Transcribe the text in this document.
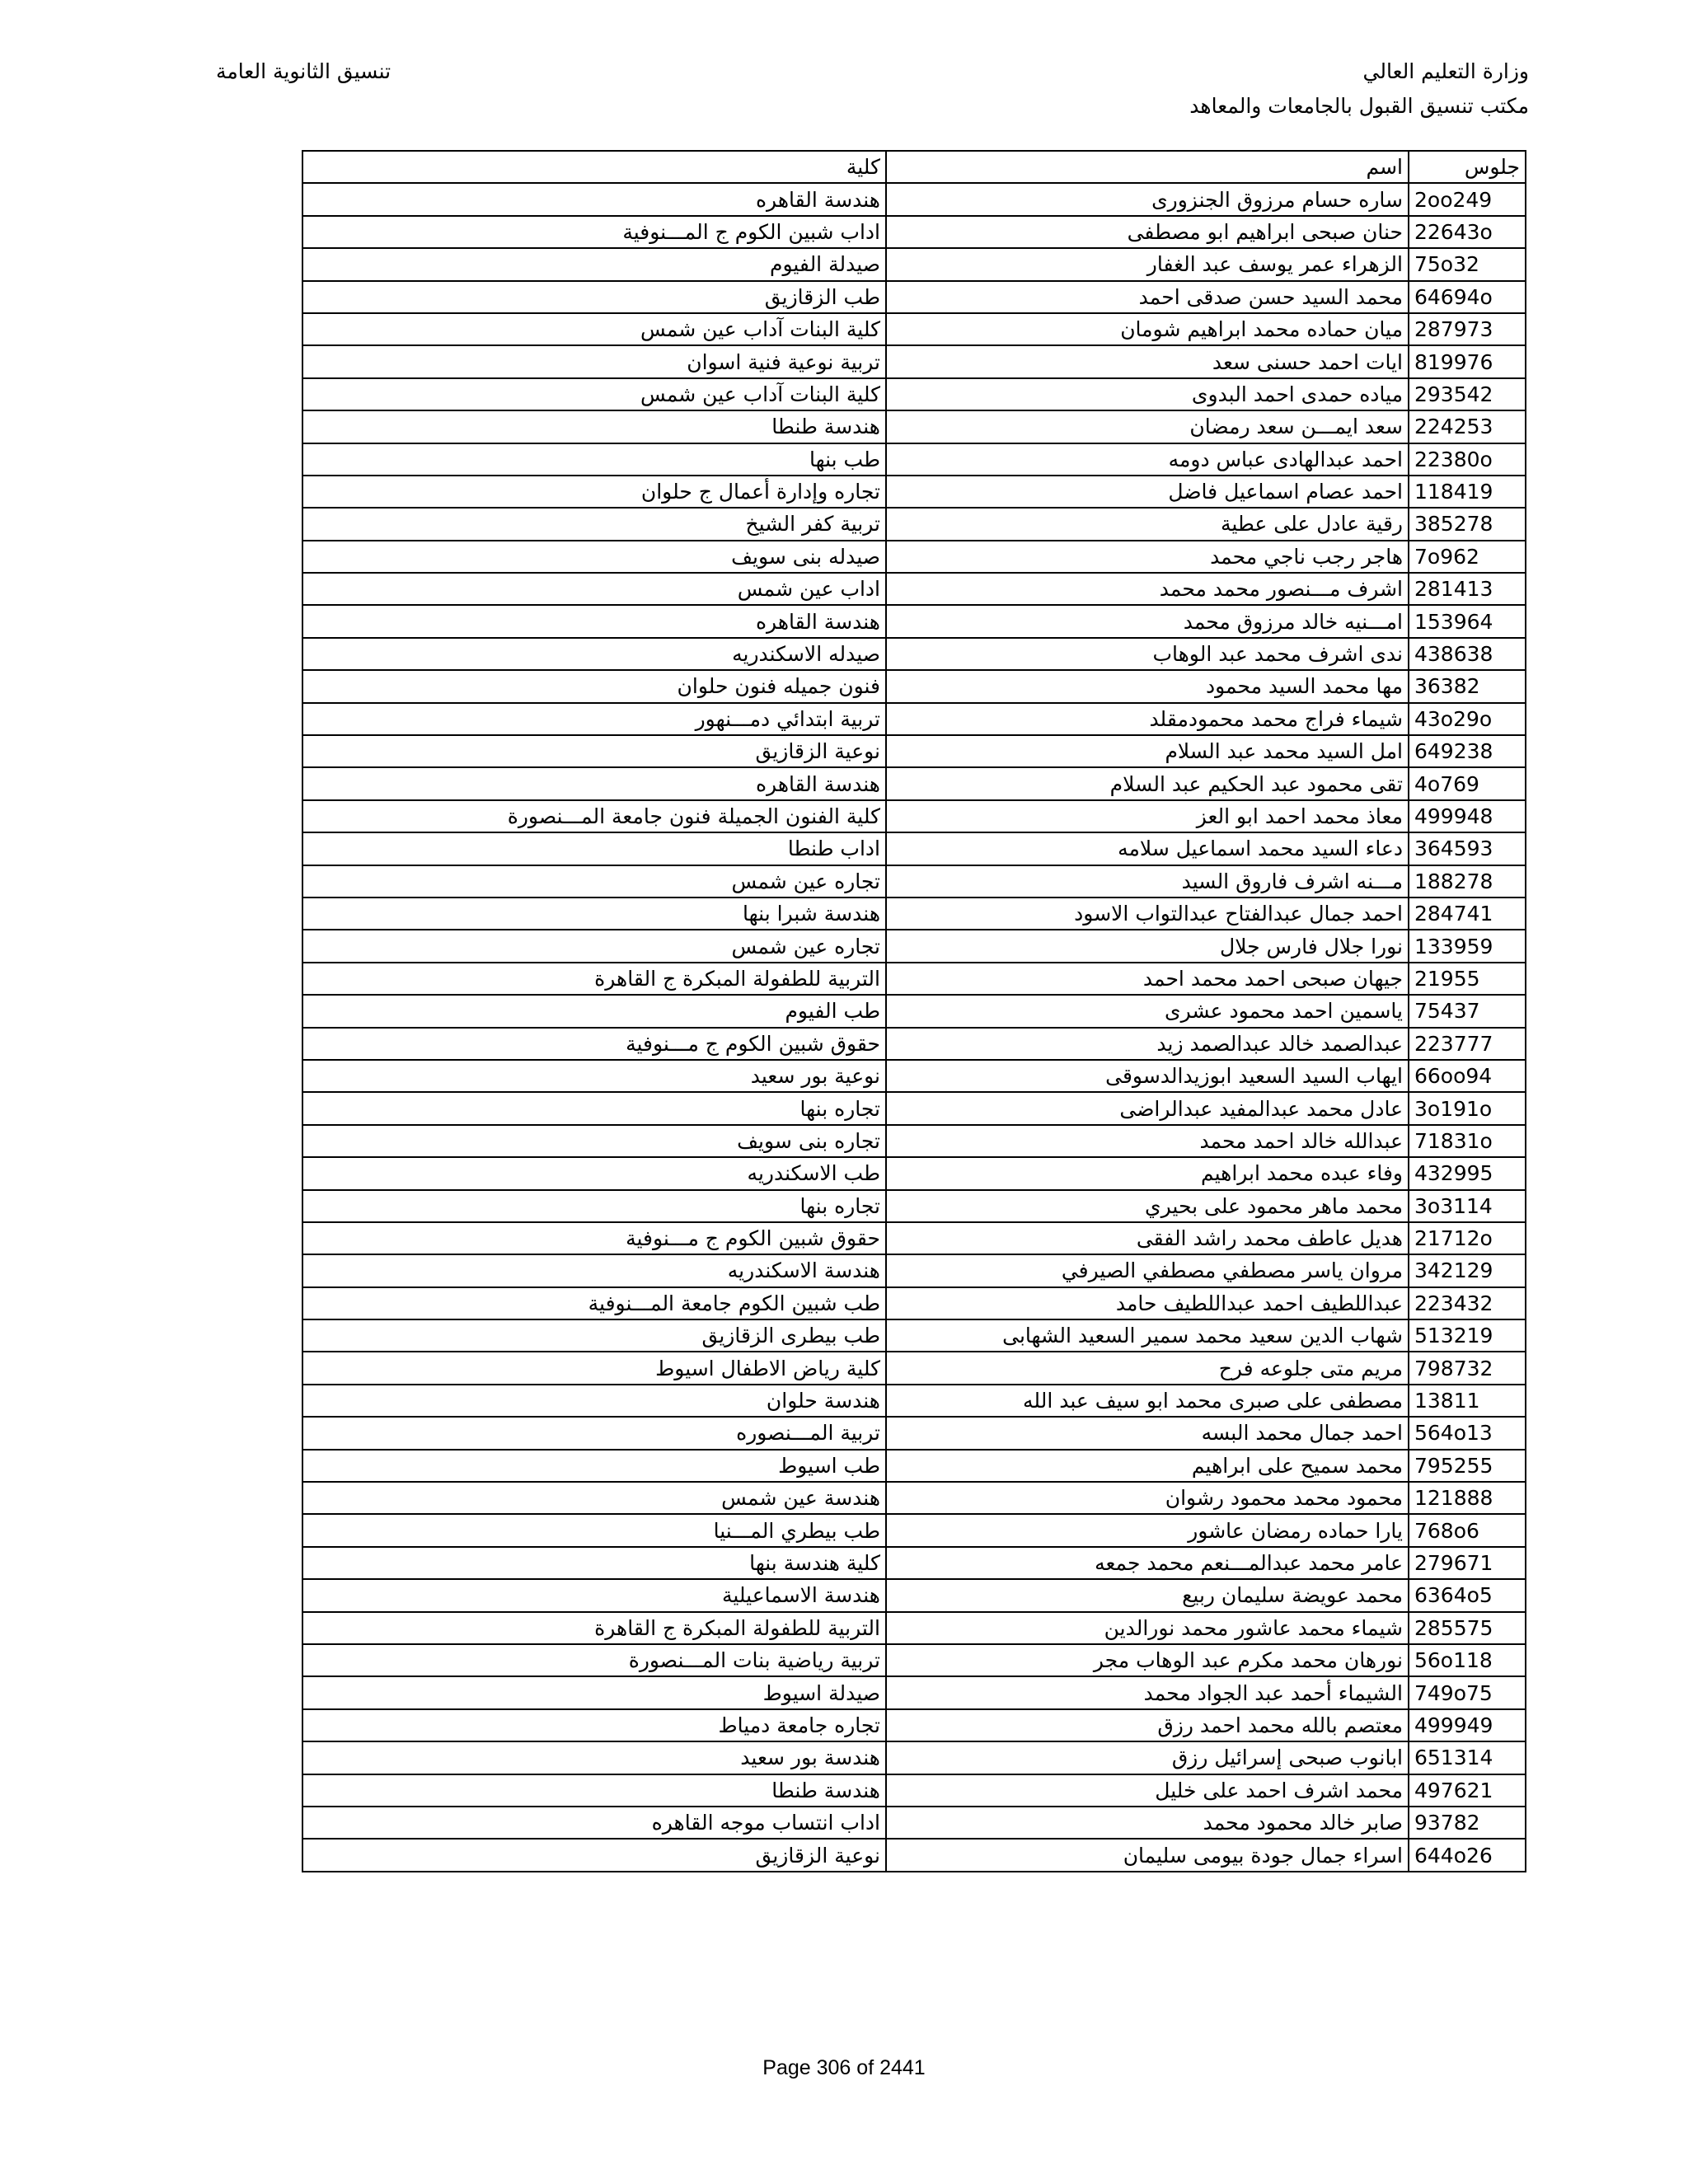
وزارة التعليم العالي
مكتب تنسيق القبول بالجامعات والمعاهد
تنسيق الثانوية العامة
جلوس	اسم	كلية
2oo249	ساره حسام مرزوق الجنزورى	هندسة القاهره
22643o	حنان صبحى ابراهيم ابو مصطفى	اداب شبين الكوم ج المـــنوفية
75o32	الزهراء عمر يوسف عبد الغفار	صيدلة الفيوم
64694o	محمد السيد حسن صدقى احمد	طب الزقازيق
287973	ميان حماده محمد ابراهيم شومان	كلية البنات آداب عين شمس
819976	ايات احمد حسنى سعد	تربية نوعية فنية اسوان
293542	مياده حمدى احمد البدوى	كلية البنات آداب عين شمس
224253	سعد ايمـــن سعد رمضان	هندسة طنطا
22380o	احمد عبدالهادى عباس دومه	طب بنها
118419	احمد عصام اسماعيل فاضل	تجاره وإدارة أعمال ج حلوان
385278	رقية عادل على عطية	تربية كفر الشيخ
7o962	هاجر رجب ناجي محمد	صيدله بنى سويف
281413	اشرف مـــنصور محمد محمد	اداب عين شمس
153964	امـــنيه خالد مرزوق محمد	هندسة القاهره
438638	ندى اشرف محمد عبد الوهاب	صيدله الاسكندريه
36382	مها محمد السيد محمود	فنون جميله فنون حلوان
43o29o	شيماء فراج محمد محمودمقلد	تربية ابتدائي دمـــنهور
649238	امل السيد محمد عبد السلام	نوعية الزقازيق
4o769	تقى محمود عبد الحكيم عبد السلام	هندسة القاهره
499948	معاذ محمد احمد ابو العز	كلية الفنون الجميلة فنون جامعة المـــنصورة
364593	دعاء السيد محمد اسماعيل سلامه	اداب طنطا
188278	مـــنه اشرف فاروق السيد	تجاره عين شمس
284741	احمد جمال عبدالفتاح عبدالتواب الاسود	هندسة شبرا بنها
133959	نورا جلال فارس جلال	تجاره عين شمس
21955	جيهان صبحى احمد محمد احمد	التربية للطفولة المبكرة ج القاهرة
75437	ياسمين احمد محمود عشرى	طب الفيوم
223777	عبدالصمد خالد عبدالصمد زيد	حقوق شبين الكوم ج مـــنوفية
66oo94	ايهاب السيد السعيد ابوزيدالدسوقى	نوعية بور سعيد
3o191o	عادل محمد عبدالمفيد عبدالراضى	تجاره بنها
71831o	عبدالله خالد احمد محمد	تجاره بنى سويف
432995	وفاء عبده محمد ابراهيم	طب الاسكندريه
3o3114	محمد ماهر محمود على بحيري	تجاره بنها
21712o	هديل عاطف محمد راشد الفقى	حقوق شبين الكوم ج مـــنوفية
342129	مروان ياسر مصطفي مصطفي الصيرفي	هندسة الاسكندريه
223432	عبداللطيف احمد عبداللطيف حامد	طب شبين الكوم جامعة المـــنوفية
513219	شهاب الدين سعيد محمد سمير السعيد الشهابى	طب بيطرى الزقازيق
798732	مريم متى جلوعه فرح	كلية رياض الاطفال اسيوط
13811	مصطفى على صبرى محمد ابو سيف عبد الله	هندسة حلوان
564o13	احمد جمال محمد البسه	تربية المـــنصوره
795255	محمد سميح على ابراهيم	طب اسيوط
121888	محمود محمد محمود رشوان	هندسة عين شمس
768o6	يارا حماده رمضان عاشور	طب بيطري المـــنيا
279671	عامر محمد عبدالمـــنعم محمد جمعه	كلية هندسة بنها
6364o5	محمد عويضة سليمان ربيع	هندسة الاسماعيلية
285575	شيماء محمد عاشور محمد نورالدين	التربية للطفولة المبكرة ج القاهرة
56o118	نورهان محمد مكرم عبد الوهاب مجر	تربية رياضية بنات المـــنصورة
749o75	الشيماء أحمد عبد الجواد محمد	صيدلة اسيوط
499949	معتصم بالله محمد احمد رزق	تجاره جامعة دمياط
651314	ابانوب صبحى إسرائيل رزق	هندسة بور سعيد
497621	محمد اشرف احمد على خليل	هندسة طنطا
93782	صابر خالد محمود محمد	اداب انتساب موجه القاهره
644o26	اسراء جمال جودة بيومى سليمان	نوعية الزقازيق
Page 306 of 2441
